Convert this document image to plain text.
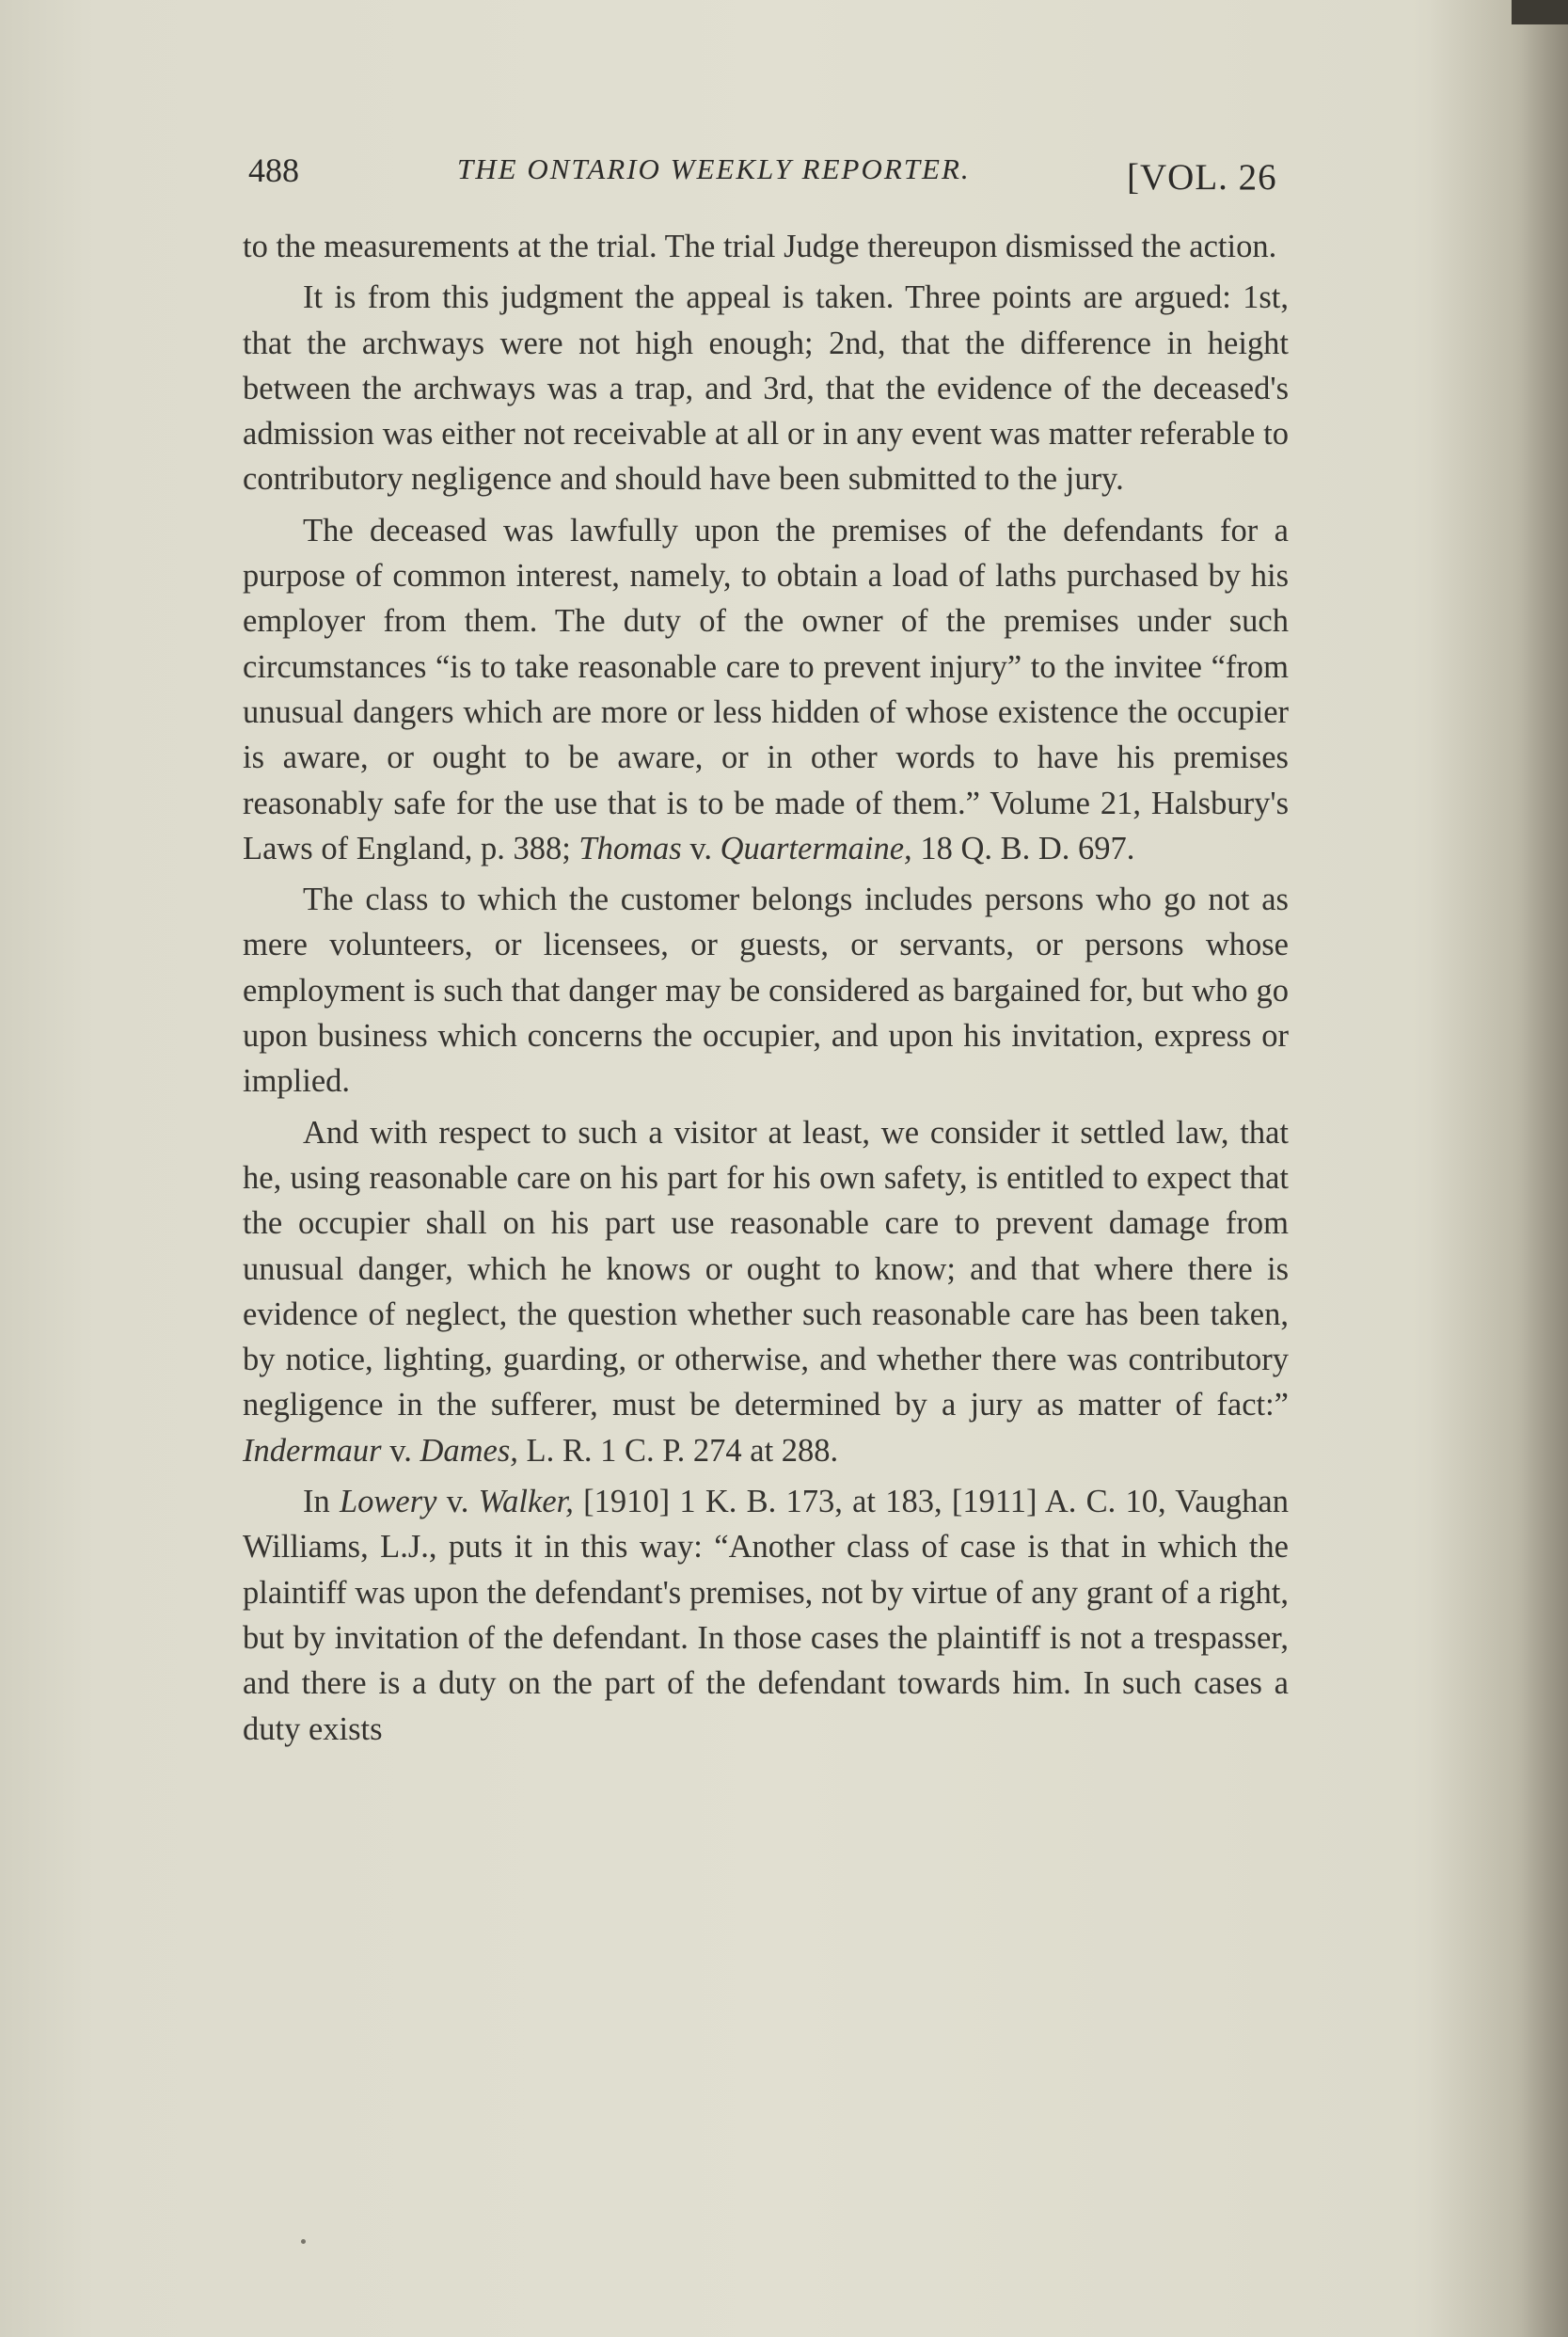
488	THE ONTARIO WEEKLY REPORTER.	[VOL. 26

to the measurements at the trial. The trial Judge thereupon dismissed the action.

It is from this judgment the appeal is taken. Three points are argued: 1st, that the archways were not high enough; 2nd, that the difference in height between the archways was a trap, and 3rd, that the evidence of the deceased's admission was either not receivable at all or in any event was matter referable to contributory negligence and should have been submitted to the jury.

The deceased was lawfully upon the premises of the defendants for a purpose of common interest, namely, to obtain a load of laths purchased by his employer from them. The duty of the owner of the premises under such circumstances “is to take reasonable care to prevent injury” to the invitee “from unusual dangers which are more or less hidden of whose existence the occupier is aware, or ought to be aware, or in other words to have his premises reasonably safe for the use that is to be made of them.” Volume 21, Halsbury's Laws of England, p. 388; Thomas v. Quartermaine, 18 Q. B. D. 697.

The class to which the customer belongs includes persons who go not as mere volunteers, or licensees, or guests, or servants, or persons whose employment is such that danger may be considered as bargained for, but who go upon business which concerns the occupier, and upon his invitation, express or implied.

And with respect to such a visitor at least, we consider it settled law, that he, using reasonable care on his part for his own safety, is entitled to expect that the occupier shall on his part use reasonable care to prevent damage from unusual danger, which he knows or ought to know; and that where there is evidence of neglect, the question whether such reasonable care has been taken, by notice, lighting, guarding, or otherwise, and whether there was contributory negligence in the sufferer, must be determined by a jury as matter of fact:” Indermaur v. Dames, L. R. 1 C. P. 274 at 288.

In Lowery v. Walker, [1910] 1 K. B. 173, at 183, [1911] A. C. 10, Vaughan Williams, L.J., puts it in this way: “Another class of case is that in which the plaintiff was upon the defendant's premises, not by virtue of any grant of a right, but by invitation of the defendant. In those cases the plaintiff is not a trespasser, and there is a duty on the part of the defendant towards him. In such cases a duty exists
